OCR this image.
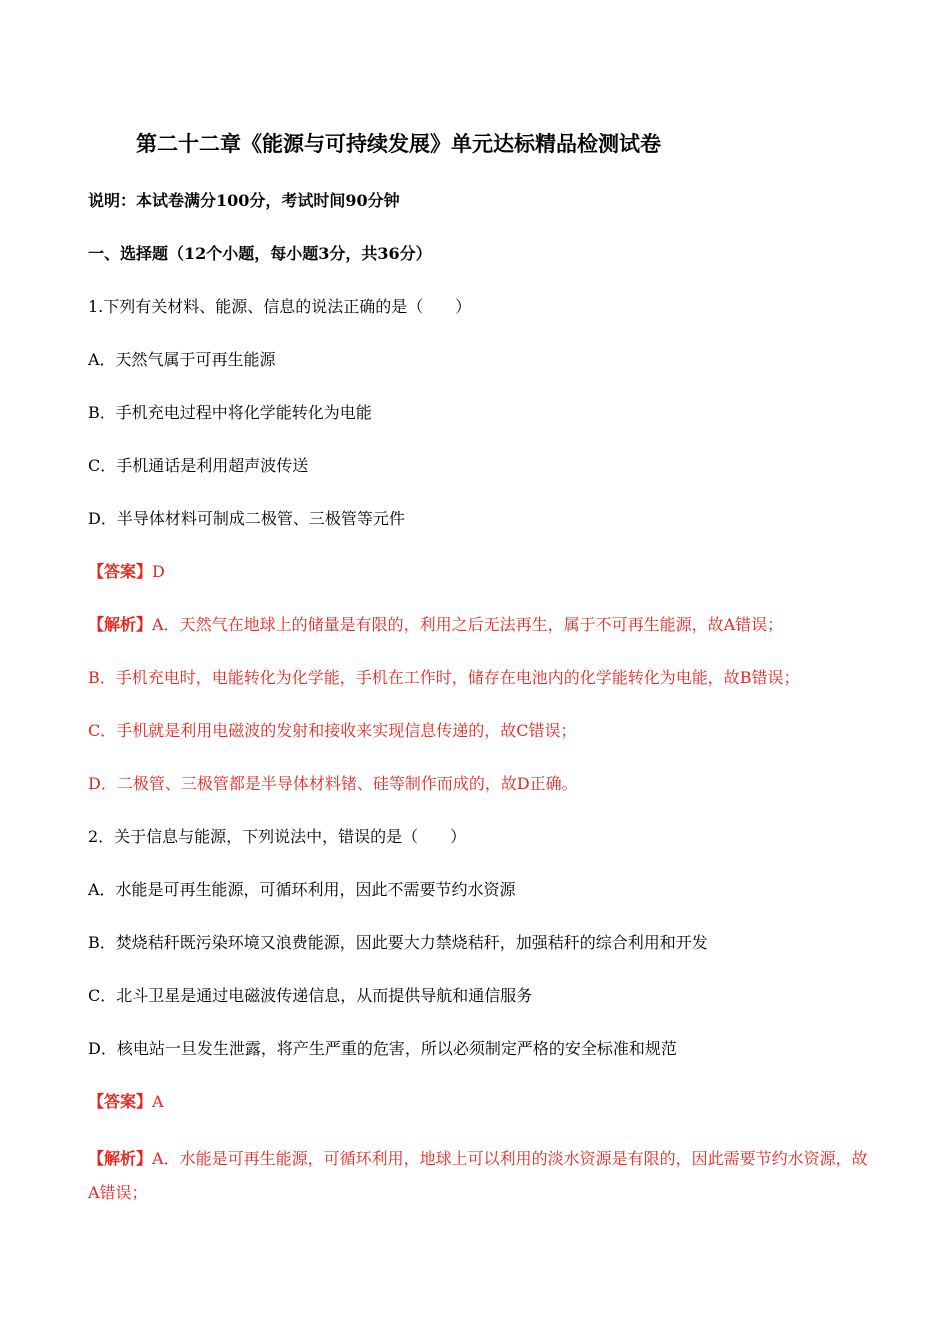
第二十二章《能源与可持续发展》单元达标精品检测试卷
说明：本试卷满分100分，考试时间90分钟
一、选择题（12个小题，每小题3分，共36分）
1.下列有关材料、能源、信息的说法正确的是（　　）
A．天然气属于可再生能源
B．手机充电过程中将化学能转化为电能
C．手机通话是利用超声波传送
D．半导体材料可制成二极管、三极管等元件
【答案】D
【解析】A．天然气在地球上的储量是有限的，利用之后无法再生，属于不可再生能源，故A错误；
B．手机充电时，电能转化为化学能，手机在工作时，储存在电池内的化学能转化为电能，故B错误；
C．手机就是利用电磁波的发射和接收来实现信息传递的，故C错误；
D．二极管、三极管都是半导体材料锗、硅等制作而成的，故D正确。
2．关于信息与能源，下列说法中，错误的是（　　）
A．水能是可再生能源，可循环利用，因此不需要节约水资源
B．焚烧秸秆既污染环境又浪费能源，因此要大力禁烧秸秆，加强秸秆的综合利用和开发
C．北斗卫星是通过电磁波传递信息，从而提供导航和通信服务
D．核电站一旦发生泄露，将产生严重的危害，所以必须制定严格的安全标准和规范
【答案】A
【解析】A．水能是可再生能源，可循环利用，地球上可以利用的淡水资源是有限的，因此需要节约水资源，故A错误；
